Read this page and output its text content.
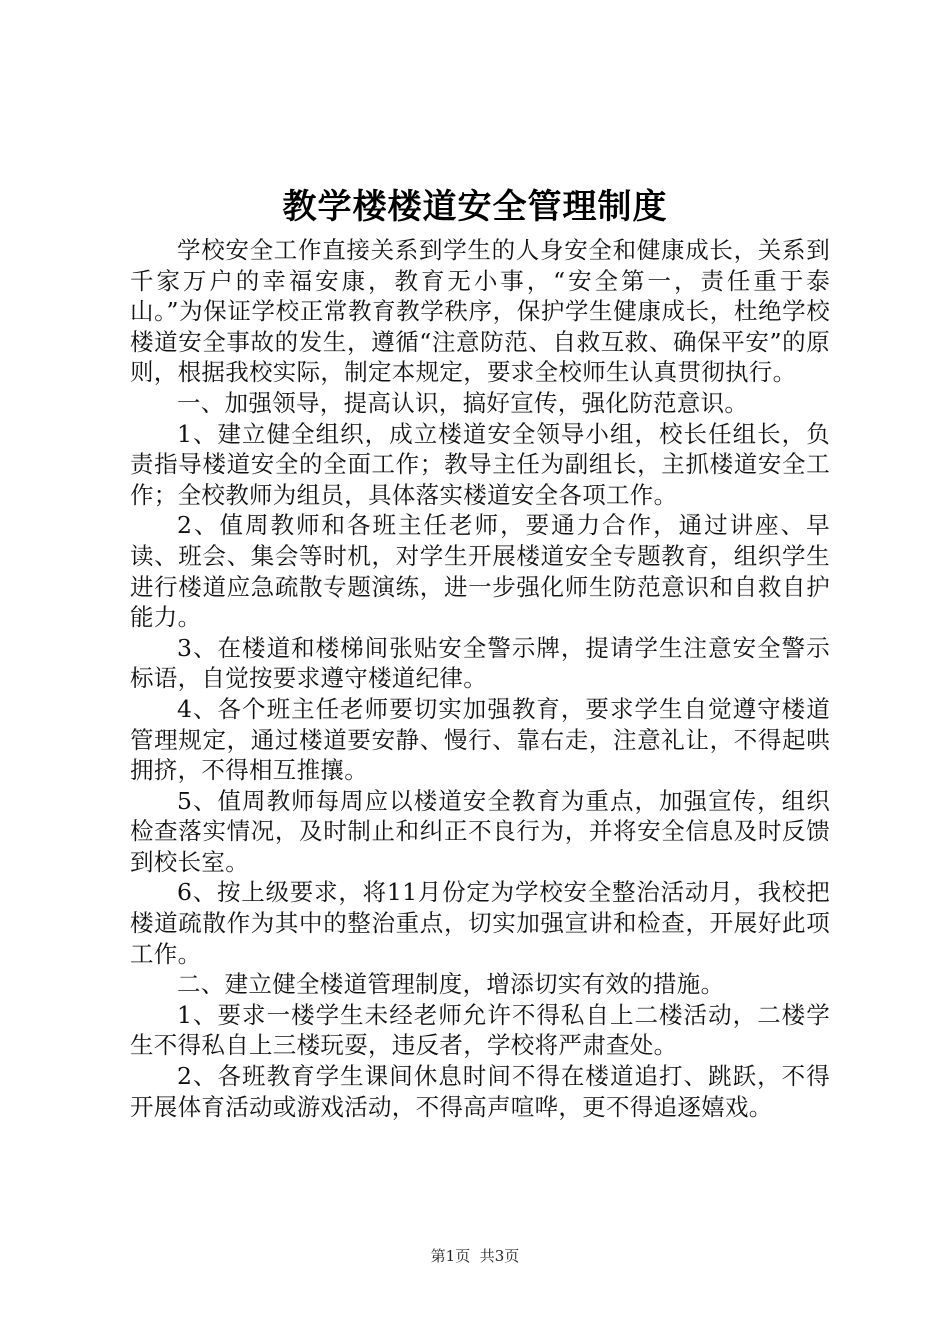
教学楼楼道安全管理制度

学校安全工作直接关系到学生的人身安全和健康成长，关系到千家万户的幸福安康，教育无小事，“安全第一，责任重于泰山。”为保证学校正常教育教学秩序，保护学生健康成长，杜绝学校楼道安全事故的发生，遵循“注意防范、自救互救、确保平安”的原则，根据我校实际，制定本规定，要求全校师生认真贯彻执行。

一、加强领导，提高认识，搞好宣传，强化防范意识。

1、建立健全组织，成立楼道安全领导小组，校长任组长，负责指导楼道安全的全面工作；教导主任为副组长，主抓楼道安全工作；全校教师为组员，具体落实楼道安全各项工作。

2、值周教师和各班主任老师，要通力合作，通过讲座、早读、班会、集会等时机，对学生开展楼道安全专题教育，组织学生进行楼道应急疏散专题演练，进一步强化师生防范意识和自救自护能力。

3、在楼道和楼梯间张贴安全警示牌，提请学生注意安全警示标语，自觉按要求遵守楼道纪律。

4、各个班主任老师要切实加强教育，要求学生自觉遵守楼道管理规定，通过楼道要安静、慢行、靠右走，注意礼让，不得起哄拥挤，不得相互推攘。

5、值周教师每周应以楼道安全教育为重点，加强宣传，组织检查落实情况，及时制止和纠正不良行为，并将安全信息及时反馈到校长室。

6、按上级要求，将11月份定为学校安全整治活动月，我校把楼道疏散作为其中的整治重点，切实加强宣讲和检查，开展好此项工作。

二、建立健全楼道管理制度，增添切实有效的措施。

1、要求一楼学生未经老师允许不得私自上二楼活动，二楼学生不得私自上三楼玩耍，违反者，学校将严肃查处。

2、各班教育学生课间休息时间不得在楼道追打、跳跃，不得开展体育活动或游戏活动，不得高声喧哗，更不得追逐嬉戏。

第1页 共3页
